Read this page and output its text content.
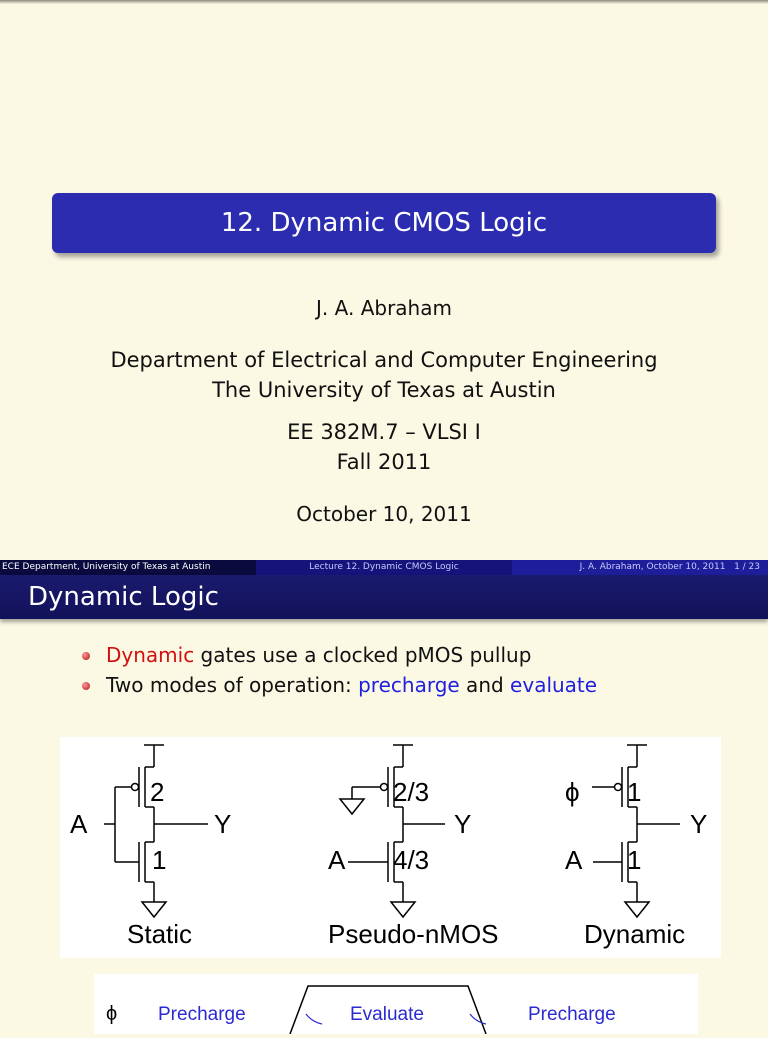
12. Dynamic CMOS Logic
J. A. Abraham
Department of Electrical and Computer Engineering
The University of Texas at Austin
EE 382M.7 – VLSI I
Fall 2011
October 10, 2011
ECE Department, University of Texas at Austin	Lecture 12. Dynamic CMOS Logic	J. A. Abraham, October 10, 2011 1 / 23
Dynamic Logic
Dynamic gates use a clocked pMOS pullup
Two modes of operation: precharge and evaluate
A	Y
2
1
Static
A
Y
2/3
4/3
Pseudo-nMOS
ϕ
A
Y
1
1
Dynamic
ϕ Precharge	Evaluate	Precharge
